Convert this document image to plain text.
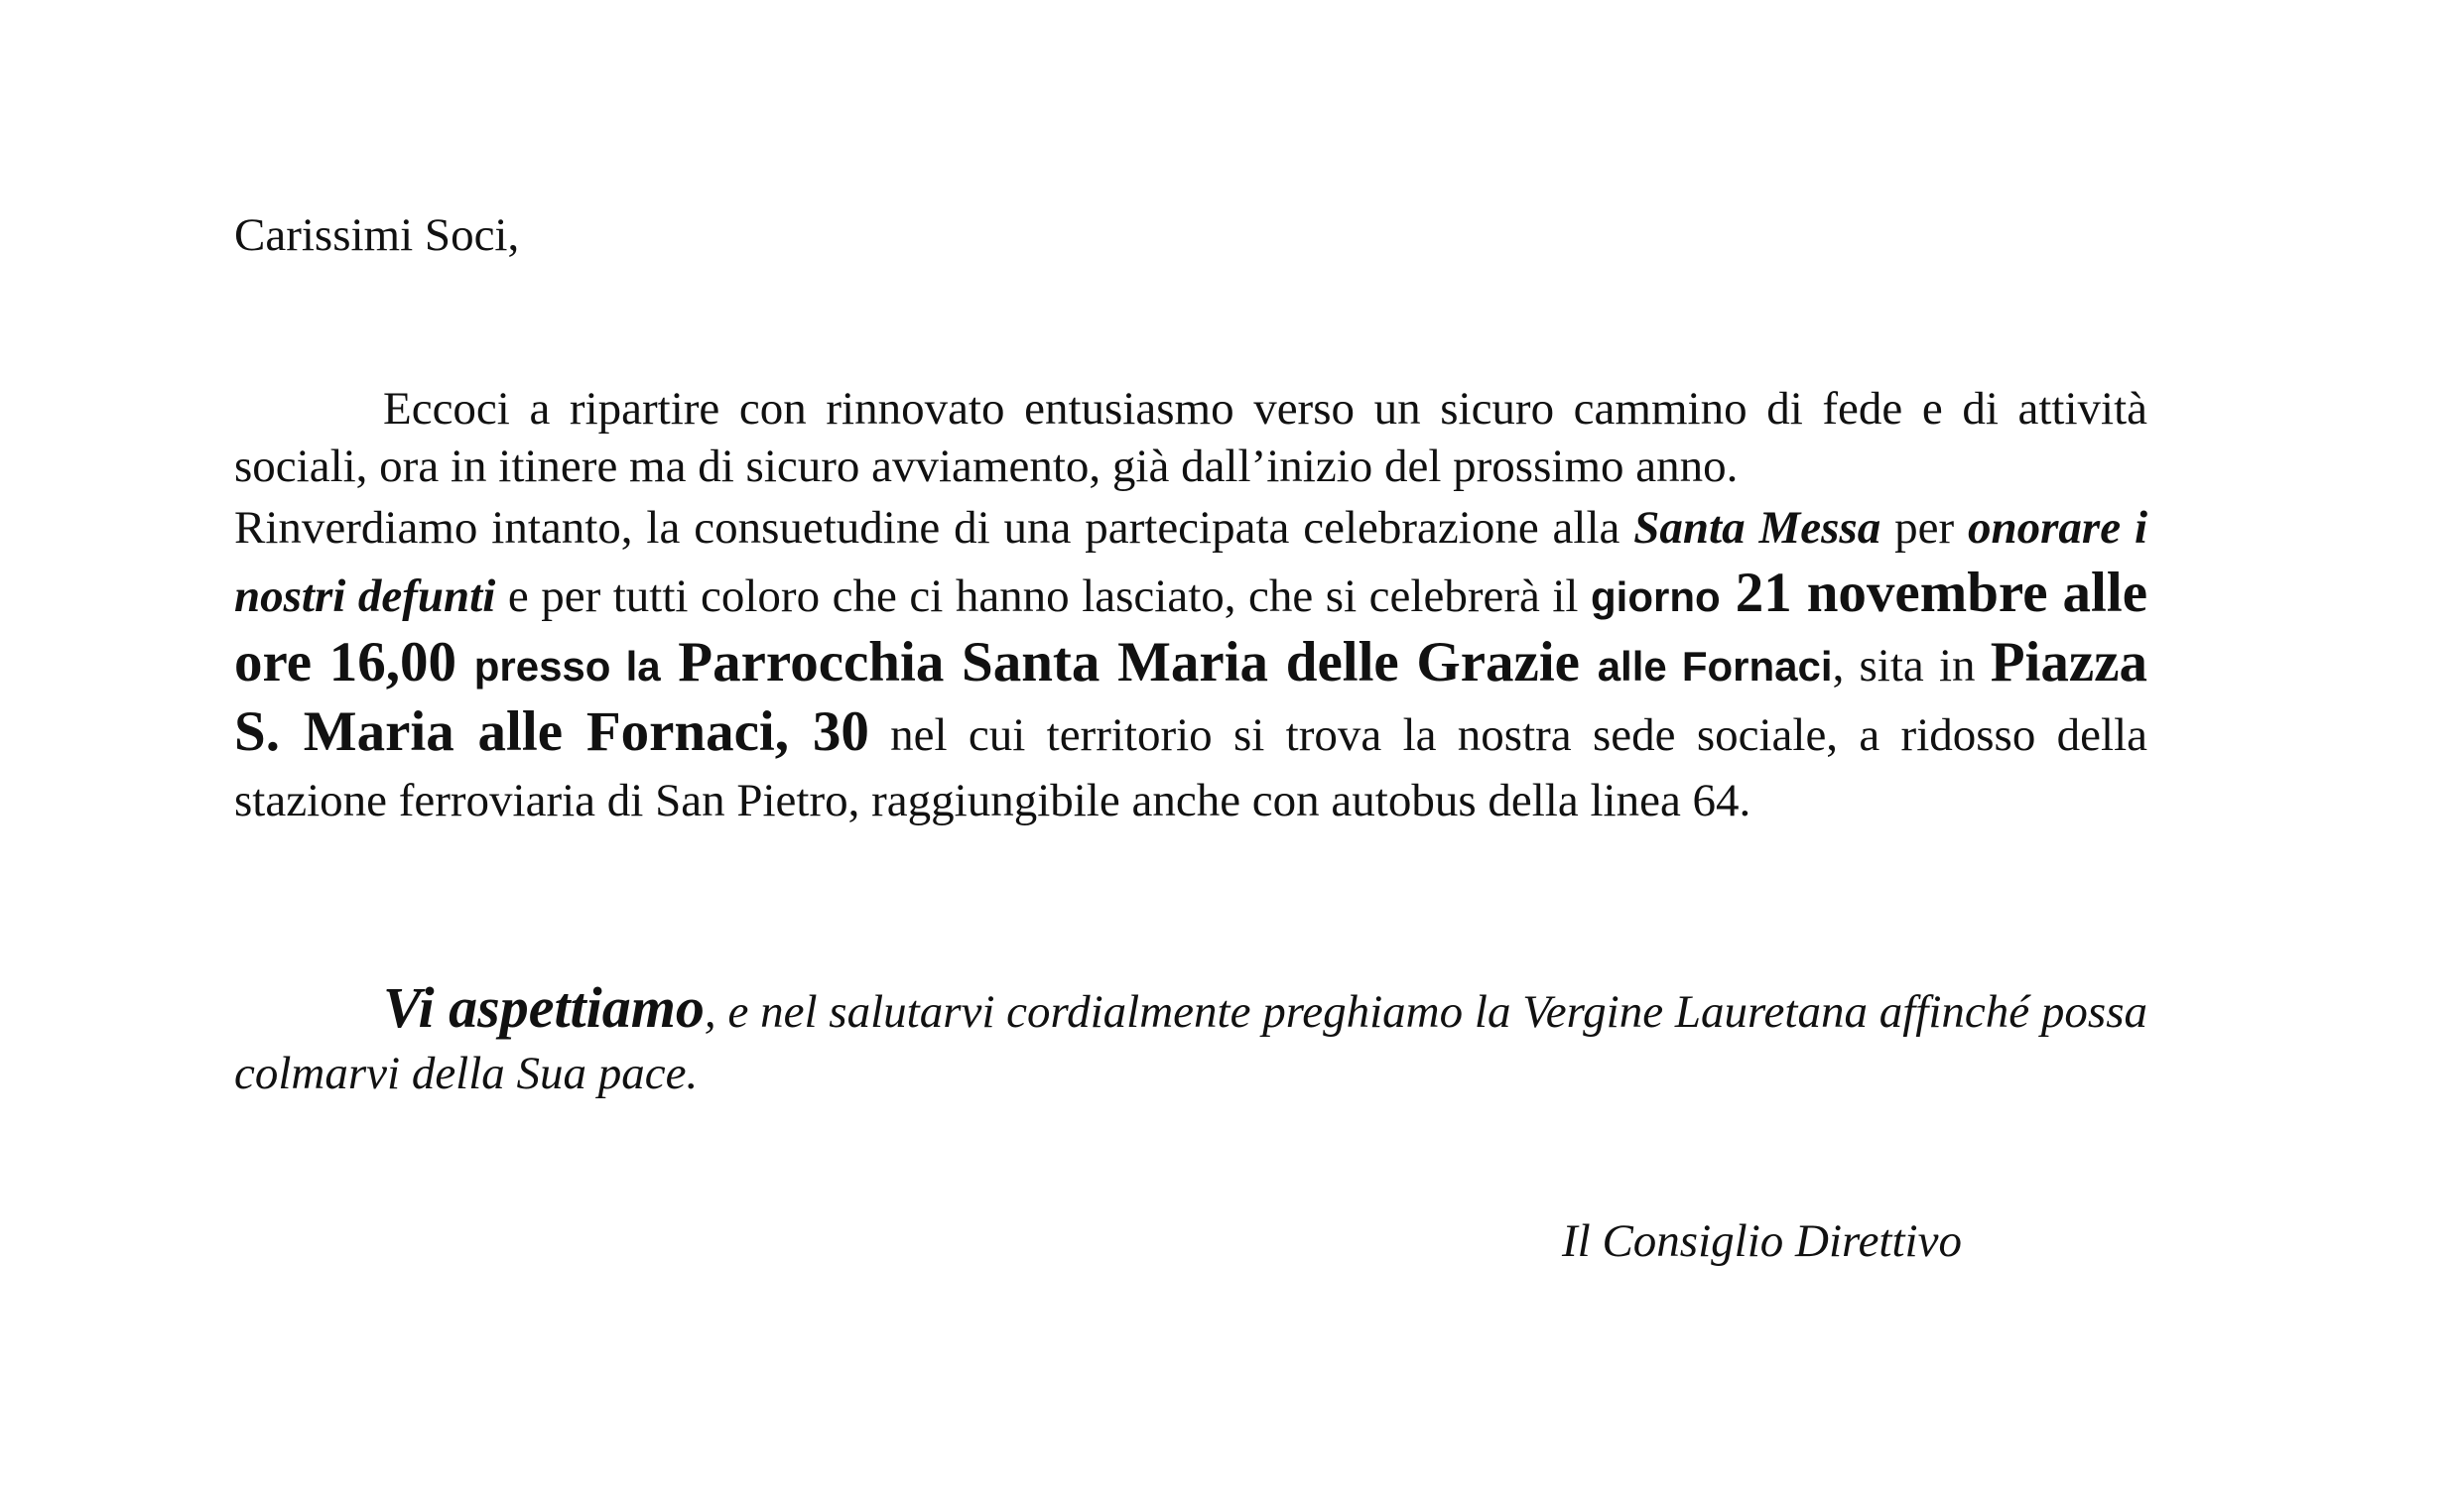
Carissimi Soci,

Eccoci a ripartire con rinnovato entusiasmo verso un sicuro cammino di fede e di attività sociali, ora in itinere ma di sicuro avviamento, già dall’inizio del prossimo anno.

Rinverdiamo intanto, la consuetudine di una partecipata celebrazione alla Santa Messa per onorare i nostri defunti e per tutti coloro che ci hanno lasciato, che si celebrerà il giorno 21 novembre alle ore 16,00 presso la Parrocchia Santa Maria delle Grazie alle Fornaci, sita in Piazza S. Maria alle Fornaci, 30 nel cui territorio si trova la nostra sede sociale, a ridosso della stazione ferroviaria di San Pietro, raggiungibile anche con autobus della linea 64.

Vi aspettiamo, e nel salutarvi cordialmente preghiamo la Vergine Lauretana affinché possa colmarvi della Sua pace.

Il Consiglio Direttivo
